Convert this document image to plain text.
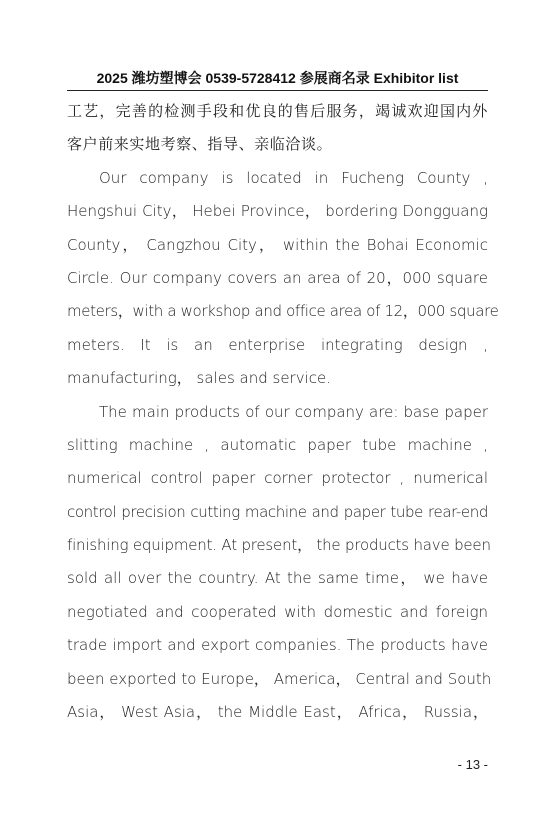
2025 潍坊塑博会 0539-5728412 参展商名录 Exhibitor list
工艺，完善的检测手段和优良的售后服务，竭诚欢迎国内外
客户前来实地考察、指导、亲临洽谈。
Our company is located in Fucheng County ,
Hengshui City， Hebei Province， bordering Dongguang
County， Cangzhou City， within the Bohai Economic
Circle. Our company covers an area of 20，000 square
meters，with a workshop and office area of 12，000 square
meters. It is an enterprise integrating design ,
manufacturing， sales and service.
The main products of our company are: base paper
slitting machine , automatic paper tube machine ,
numerical control paper corner protector , numerical
control precision cutting machine and paper tube rear-end
finishing equipment. At present， the products have been
sold all over the country. At the same time， we have
negotiated and cooperated with domestic and foreign
trade import and export companies. The products have
been exported to Europe， America， Central and South
Asia， West Asia， the Middle East， Africa， Russia，
- 13 -
